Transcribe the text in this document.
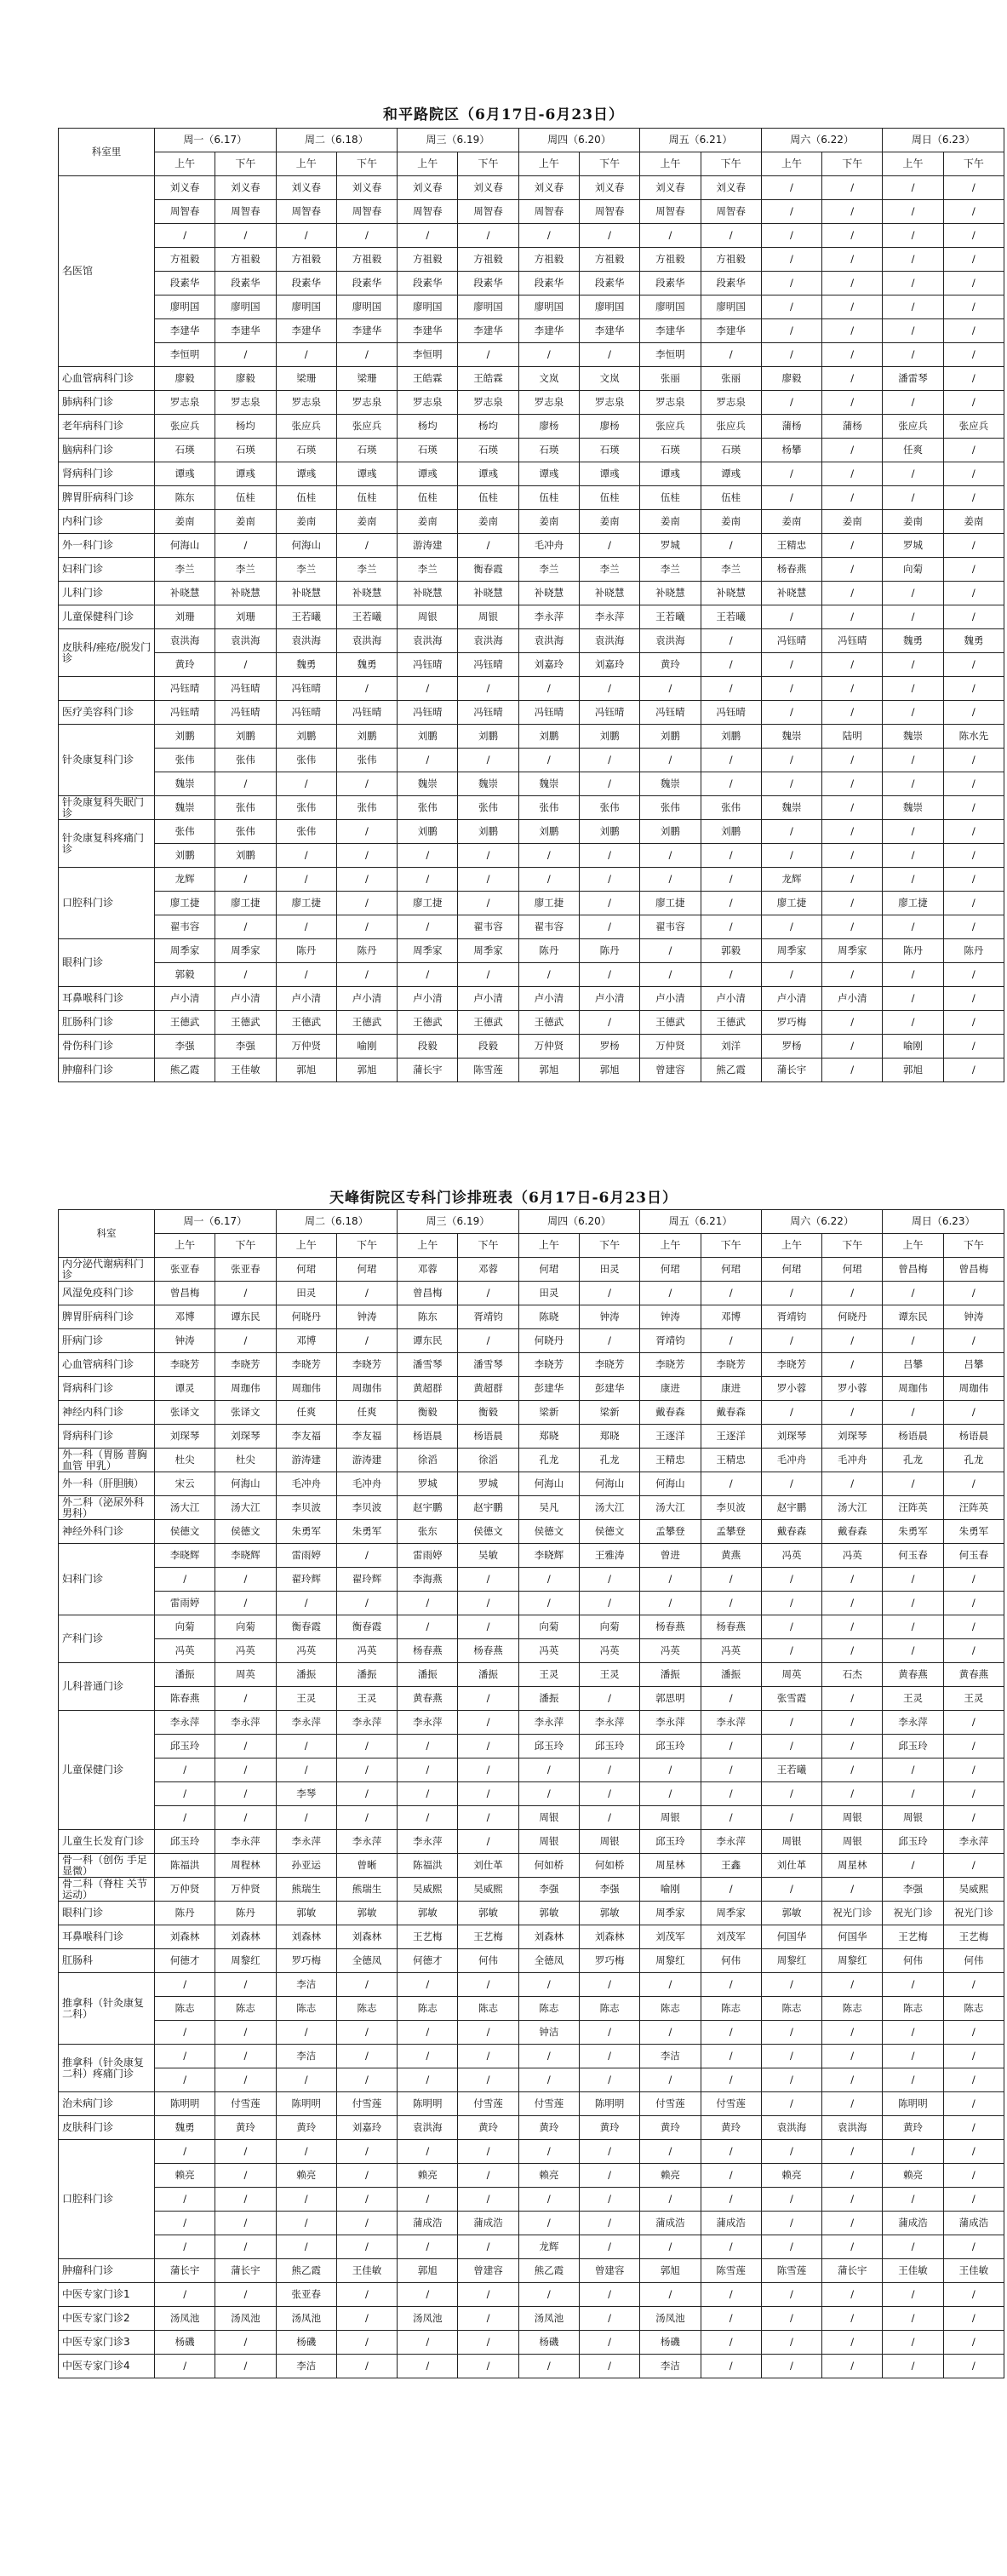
和平路院区（6月17日-6月23日）
科室里	周一（6.17）		周二（6.18）		周三（6.19）		周四（6.20）		周五（6.21）		周六（6.22）		周日（6.23）	
	上午	下午	上午	下午	上午	下午	上午	下午	上午	下午	上午	下午	上午	下午
名医馆	刘义春	刘义春	刘义春	刘义春	刘义春	刘义春	刘义春	刘义春	刘义春	刘义春	/	/	/	/
	周智春	周智春	周智春	周智春	周智春	周智春	周智春	周智春	周智春	周智春	/	/	/	/
	/	/	/	/	/	/	/	/	/	/	/	/	/	/
	方祖毅	方祖毅	方祖毅	方祖毅	方祖毅	方祖毅	方祖毅	方祖毅	方祖毅	方祖毅	/	/	/	/
	段素华	段素华	段素华	段素华	段素华	段素华	段素华	段素华	段素华	段素华	/	/	/	/
	廖明国	廖明国	廖明国	廖明国	廖明国	廖明国	廖明国	廖明国	廖明国	廖明国	/	/	/	/
	李建华	李建华	李建华	李建华	李建华	李建华	李建华	李建华	李建华	李建华	/	/	/	/
	李恒明	/	/	/	李恒明	/	/	/	李恒明	/	/	/	/	/
心血管病科门诊	廖毅	廖毅	梁珊	梁珊	王皓霖	王皓霖	文岚	文岚	张丽	张丽	廖毅	/	潘雷琴	/
肺病科门诊	罗志泉	罗志泉	罗志泉	罗志泉	罗志泉	罗志泉	罗志泉	罗志泉	罗志泉	罗志泉	/	/	/	/
老年病科门诊	张应兵	杨均	张应兵	张应兵	杨均	杨均	廖杨	廖杨	张应兵	张应兵	蒲杨	蒲杨	张应兵	张应兵
脑病科门诊	石瑛	石瑛	石瑛	石瑛	石瑛	石瑛	石瑛	石瑛	石瑛	石瑛	杨攀	/	任爽	/
肾病科门诊	谭彧	谭彧	谭彧	谭彧	谭彧	谭彧	谭彧	谭彧	谭彧	谭彧	/	/	/	/
脾胃肝病科门诊	陈东	伍桂	伍桂	伍桂	伍桂	伍桂	伍桂	伍桂	伍桂	伍桂	/	/	/	/
内科门诊	姜南	姜南	姜南	姜南	姜南	姜南	姜南	姜南	姜南	姜南	姜南	姜南	姜南	姜南
外一科门诊	何海山	/	何海山	/	游涛建	/	毛冲舟	/	罗城	/	王精忠	/	罗城	/
妇科门诊	李兰	李兰	李兰	李兰	李兰	衡春霞	李兰	李兰	李兰	李兰	杨春燕	/	向菊	/
儿科门诊	补晓慧	补晓慧	补晓慧	补晓慧	补晓慧	补晓慧	补晓慧	补晓慧	补晓慧	补晓慧	补晓慧	/	/	/
儿童保健科门诊	刘珊	刘珊	王若曦	王若曦	周银	周银	李永萍	李永萍	王若曦	王若曦	/	/	/	/
皮肤科/痤疮/脱发门诊	袁洪海	袁洪海	袁洪海	袁洪海	袁洪海	袁洪海	袁洪海	袁洪海	袁洪海	/	冯钰晴	冯钰晴	魏勇	魏勇
	黄玲	/	魏勇	魏勇	冯钰晴	冯钰晴	刘嘉玲	刘嘉玲	黄玲	/	/	/	/	/
	冯钰晴	冯钰晴	冯钰晴	/	/	/	/	/	/	/	/	/	/	/
医疗美容科门诊	冯钰晴	冯钰晴	冯钰晴	冯钰晴	冯钰晴	冯钰晴	冯钰晴	冯钰晴	冯钰晴	冯钰晴	/	/	/	/
针灸康复科门诊	刘鹏	刘鹏	刘鹏	刘鹏	刘鹏	刘鹏	刘鹏	刘鹏	刘鹏	刘鹏	魏崇	陆明	魏崇	陈水先
	张伟	张伟	张伟	张伟	/	/	/	/	/	/	/	/	/	/
	魏崇	/	/	/	魏崇	魏崇	魏崇	/	魏崇	/	/	/	/	/
针灸康复科失眠门诊	魏崇	张伟	张伟	张伟	张伟	张伟	张伟	张伟	张伟	张伟	魏崇	/	魏崇	/
针灸康复科疼痛门诊	张伟	张伟	张伟	/	刘鹏	刘鹏	刘鹏	刘鹏	刘鹏	刘鹏	/	/	/	/
	刘鹏	刘鹏	/	/	/	/	/	/	/	/	/	/	/	/
口腔科门诊	龙辉	/	/	/	/	/	/	/	/	/	龙辉	/	/	/
	廖工捷	廖工捷	廖工捷	/	廖工捷	/	廖工捷	/	廖工捷	/	廖工捷	/	廖工捷	/
	翟韦容	/	/	/	/	翟韦容	翟韦容	/	翟韦容	/	/	/	/	/
眼科门诊	周季家	周季家	陈丹	陈丹	周季家	周季家	陈丹	陈丹	/	郭毅	周季家	周季家	陈丹	陈丹
	郭毅	/	/	/	/	/	/	/	/	/	/	/	/	/
耳鼻喉科门诊	卢小清	卢小清	卢小清	卢小清	卢小清	卢小清	卢小清	卢小清	卢小清	卢小清	卢小清	卢小清	/	/
肛肠科门诊	王德武	王德武	王德武	王德武	王德武	王德武	王德武	/	王德武	王德武	罗巧梅	/	/	/
骨伤科门诊	李强	李强	万仲贤	喻刚	段毅	段毅	万仲贤	罗杨	万仲贤	刘洋	罗杨	/	喻刚	/
肿瘤科门诊	熊乙霞	王佳敏	郭旭	郭旭	蒲长宇	陈雪莲	郭旭	郭旭	曾建容	熊乙霞	蒲长宇	/	郭旭	/
天峰街院区专科门诊排班表（6月17日-6月23日）
科室	周一（6.17）		周二（6.18）		周三（6.19）		周四（6.20）		周五（6.21）		周六（6.22）		周日（6.23）	
	上午	下午	上午	下午	上午	下午	上午	下午	上午	下午	上午	下午	上午	下午
内分泌代谢病科门诊	张亚春	张亚春	何珺	何珺	邓蓉	邓蓉	何珺	田灵	何珺	何珺	何珺	何珺	曾昌梅	曾昌梅
风湿免疫科门诊	曾昌梅	/	田灵	/	曾昌梅	/	田灵	/	/	/	/	/	/	/
脾胃肝病科门诊	邓博	谭东民	何晓丹	钟涛	陈东	胥靖钧	陈晓	钟涛	钟涛	邓博	胥靖钧	何晓丹	谭东民	钟涛
肝病门诊	钟涛	/	邓博	/	谭东民	/	何晓丹	/	胥靖钧	/	/	/	/	/
心血管病科门诊	李晓芳	李晓芳	李晓芳	李晓芳	潘雪琴	潘雪琴	李晓芳	李晓芳	李晓芳	李晓芳	李晓芳	/	吕攀	吕攀
肾病科门诊	谭灵	周珈伟	周珈伟	周珈伟	黄超群	黄超群	彭建华	彭建华	康进	康进	罗小蓉	罗小蓉	周珈伟	周珈伟
神经内科门诊	张译文	张译文	任爽	任爽	衡毅	衡毅	梁新	梁新	戴春森	戴春森	/	/	/	/
肾病科门诊	刘琛琴	刘琛琴	李友福	李友福	杨语晨	杨语晨	郑晓	郑晓	王逐洋	王逐洋	刘琛琴	刘琛琴	杨语晨	杨语晨
外一科（胃肠 普胸 血管 甲乳）	杜尖	杜尖	游涛建	游涛建	徐滔	徐滔	孔龙	孔龙	王精忠	王精忠	毛冲舟	毛冲舟	孔龙	孔龙
外一科（肝胆胰）	宋云	何海山	毛冲舟	毛冲舟	罗城	罗城	何海山	何海山	何海山	/	/	/	/	/
外二科（泌尿外科 男科）	汤大江	汤大江	李贝波	李贝波	赵宇鹏	赵宇鹏	吴凡	汤大江	汤大江	李贝波	赵宇鹏	汤大江	汪阵英	汪阵英
神经外科门诊	侯德文	侯德文	朱勇军	朱勇军	张东	侯德文	侯德文	侯德文	孟攀登	孟攀登	戴春森	戴春森	朱勇军	朱勇军
妇科门诊	李晓辉	李晓辉	雷雨婷	/	雷雨婷	吴敏	李晓辉	王雅涛	曾进	黄燕	冯英	冯英	何玉春	何玉春
	/	/	翟玲辉	翟玲辉	李海燕	/	/	/	/	/	/	/	/	/
	雷雨婷	/	/	/	/	/	/	/	/	/	/	/	/	/
产科门诊	向菊	向菊	衡春霞	衡春霞	/	/	向菊	向菊	杨春燕	杨春燕	/	/	/	/
	冯英	冯英	冯英	冯英	杨春燕	杨春燕	冯英	冯英	冯英	冯英	/	/	/	/
儿科普通门诊	潘振	周英	潘振	潘振	潘振	潘振	王灵	王灵	潘振	潘振	周英	石杰	黄春燕	黄春燕
	陈春燕	/	王灵	王灵	黄春燕	/	潘振	/	郭思明	/	张雪霞	/	王灵	王灵
儿童保健门诊	李永萍	李永萍	李永萍	李永萍	李永萍	/	李永萍	李永萍	李永萍	李永萍	/	/	李永萍	/
	邱玉玲	/	/	/	/	/	邱玉玲	邱玉玲	邱玉玲	/	/	/	邱玉玲	/
	/	/	/	/	/	/	/	/	/	/	王若曦	/	/	/
	/	/	李琴	/	/	/	/	/	/	/	/	/	/	/
	/	/	/	/	/	/	周银	/	周银	/	/	周银	周银	/
儿童生长发育门诊	邱玉玲	李永萍	李永萍	李永萍	李永萍	/	周银	周银	邱玉玲	李永萍	周银	周银	邱玉玲	李永萍
骨一科（创伤 手足 显微）	陈福洪	周程林	孙亚运	曾晰	陈福洪	刘仕革	何如桥	何如桥	周星林	王鑫	刘仕革	周星林	/	/
骨二科（脊柱 关节 运动）	万仲贤	万仲贤	熊瑞生	熊瑞生	吴威熙	吴威熙	李强	李强	喻刚	/	/	/	李强	吴威熙
眼科门诊	陈丹	陈丹	郭敏	郭敏	郭敏	郭敏	郭敏	郭敏	周季家	周季家	郭敏	祝光门诊	祝光门诊	祝光门诊
耳鼻喉科门诊	刘森林	刘森林	刘森林	刘森林	王艺梅	王艺梅	刘森林	刘森林	刘茂军	刘茂军	何国华	何国华	王艺梅	王艺梅
肛肠科	何德才	周黎红	罗巧梅	全德凤	何德才	何伟	全德凤	罗巧梅	周黎红	何伟	周黎红	周黎红	何伟	何伟
推拿科（针灸康复二科）	/	/	李洁	/	/	/	/	/	/	/	/	/	/	/
	陈志	陈志	陈志	陈志	陈志	陈志	陈志	陈志	陈志	陈志	陈志	陈志	陈志	陈志
	/	/	/	/	/	/	钟洁	/	/	/	/	/	/	/
推拿科（针灸康复二科）疼痛门诊	/	/	李洁	/	/	/	/	/	李洁	/	/	/	/	/
	/	/	/	/	/	/	/	/	/	/	/	/	/	/
治未病门诊	陈明明	付雪莲	陈明明	付雪莲	陈明明	付雪莲	付雪莲	陈明明	付雪莲	付雪莲	/	/	陈明明	/
皮肤科门诊	魏勇	黄玲	黄玲	刘嘉玲	袁洪海	黄玲	黄玲	黄玲	黄玲	黄玲	袁洪海	袁洪海	黄玲	/
口腔科门诊	/	/	/	/	/	/	/	/	/	/	/	/	/	/
	赖亮	/	赖亮	/	赖亮	/	赖亮	/	赖亮	/	赖亮	/	赖亮	/
	/	/	/	/	/	/	/	/	/	/	/	/	/	/
	/	/	/	/	蒲成浩	蒲成浩	/	/	蒲成浩	蒲成浩	/	/	蒲成浩	蒲成浩
	/	/	/	/	/	/	龙辉	/	/	/	/	/	/	/
肿瘤科门诊	蒲长宇	蒲长宇	熊乙霞	王佳敏	郭旭	曾建容	熊乙霞	曾建容	郭旭	陈雪莲	陈雪莲	蒲长宇	王佳敏	王佳敏
中医专家门诊1	/	/	张亚春	/	/	/	/	/	/	/	/	/	/	/
中医专家门诊2	汤凤池	汤凤池	汤凤池	/	汤凤池	/	汤凤池	/	汤凤池	/	/	/	/	/
中医专家门诊3	杨磯	/	杨磯	/	/	/	杨磯	/	杨磯	/	/	/	/	/
中医专家门诊4	/	/	李洁	/	/	/	/	/	李洁	/	/	/	/	/
